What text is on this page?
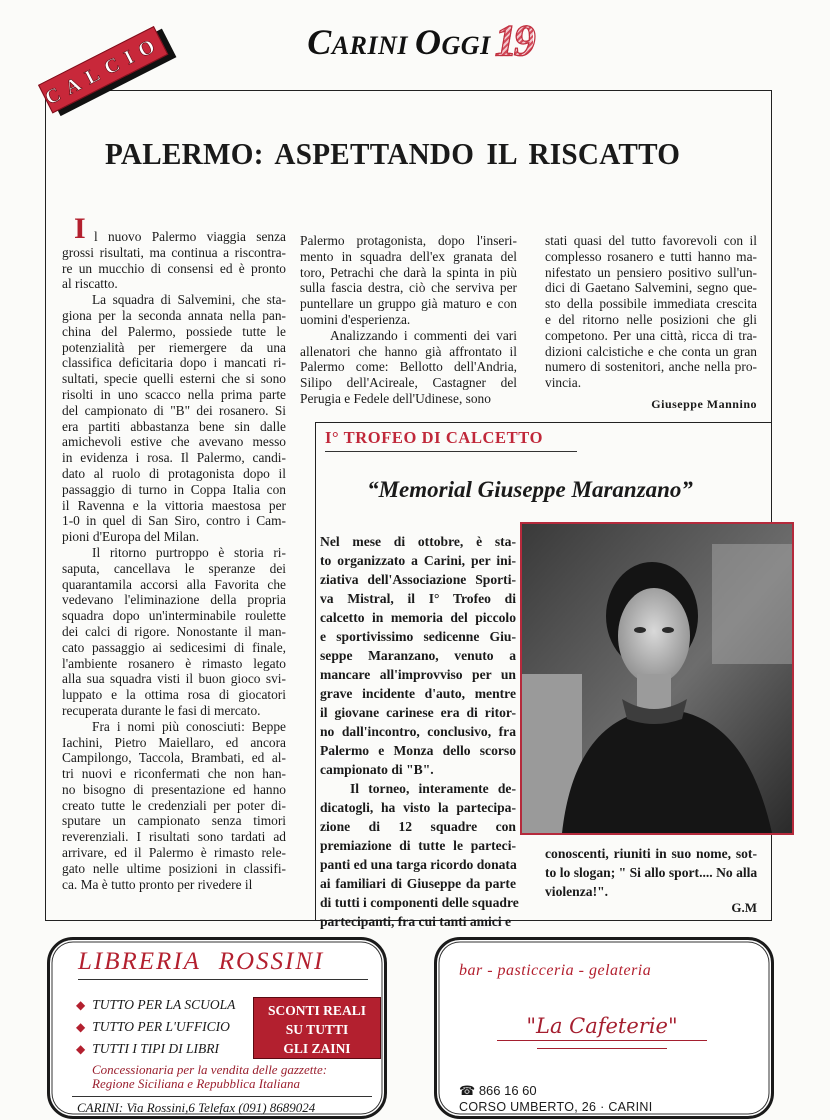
CARINI OGGI 19
CALCIO
PALERMO: ASPETTANDO IL RISCATTO
I l nuovo Palermo viaggia senza
grossi risultati, ma continua a riscontra-
re un mucchio di consensi ed è pronto
al riscatto.
La squadra di Salvemini, che sta-
giona per la seconda annata nella pan-
china del Palermo, possiede tutte le
potenzialità per riemergere da una
classifica deficitaria dopo i mancati ri-
sultati, specie quelli esterni che si sono
risolti in uno scacco nella prima parte
del campionato di "B" dei rosanero. Si
era partiti abbastanza bene sin dalle
amichevoli estive che avevano messo
in evidenza i rosa. Il Palermo, candi-
dato al ruolo di protagonista dopo il
passaggio di turno in Coppa Italia con
il Ravenna e la vittoria maestosa per
1-0 in quel di San Siro, contro i Cam-
pioni d'Europa del Milan.
Il ritorno purtroppo è storia ri-
saputa, cancellava le speranze dei
quarantamila accorsi alla Favorita che
vedevano l'eliminazione della propria
squadra dopo un'interminabile roulette
dei calci di rigore. Nonostante il man-
cato passaggio ai sedicesimi di finale,
l'ambiente rosanero è rimasto legato
alla sua squadra visti il buon gioco svi-
luppato e la ottima rosa di giocatori
recuperata durante le fasi di mercato.
Fra i nomi più conosciuti: Beppe
Iachini, Pietro Maiellaro, ed ancora
Campilongo, Taccola, Brambati, ed al-
tri nuovi e riconfermati che non han-
no bisogno di presentazione ed hanno
creato tutte le credenziali per poter di-
sputare un campionato senza timori
reverenziali. I risultati sono tardati ad
arrivare, ed il Palermo è rimasto rele-
gato nelle ultime posizioni in classifi-
ca. Ma è tutto pronto per rivedere il
Palermo protagonista, dopo l'inseri-
mento in squadra dell'ex granata del
toro, Petrachi che darà la spinta in più
sulla fascia destra, ciò che serviva per
puntellare un gruppo già maturo e con
uomini d'esperienza.
Analizzando i commenti dei vari
allenatori che hanno già affrontato il
Palermo come: Bellotto dell'Andria,
Silipo dell'Acireale, Castagner del
Perugia e Fedele dell'Udinese, sono
stati quasi del tutto favorevoli con il
complesso rosanero e tutti hanno ma-
nifestato un pensiero positivo sull'un-
dici di Gaetano Salvemini, segno que-
sto della possibile immediata crescita
e del ritorno nelle posizioni che gli
competono. Per una città, ricca di tra-
dizioni calcistiche e che conta un gran
numero di sostenitori, anche nella pro-
vincia.
Giuseppe Mannino
I° TROFEO DI CALCETTO
“Memorial Giuseppe Maranzano”
Nel mese di ottobre, è sta-
to organizzato a Carini, per ini-
ziativa dell'Associazione Sporti-
va Mistral, il I° Trofeo di
calcetto in memoria del piccolo
e sportivissimo sedicenne Giu-
seppe Maranzano, venuto a
mancare all'improvviso per un
grave incidente d'auto, mentre
il giovane carinese era di ritor-
no dall'incontro, conclusivo, fra
Palermo e Monza dello scorso
campionato di "B".
Il torneo, interamente de-
dicatogli, ha visto la partecipa-
zione di 12 squadre con
premiazione di tutte le parteci-
panti ed una targa ricordo donata
ai familiari di Giuseppe da parte
di tutti i componenti delle squadre
partecipanti, fra cui tanti amici e
conoscenti, riuniti in suo nome, sot-
to lo slogan; " Si allo sport.... No alla
violenza!".
G.M
LIBRERIA ROSSINI
◆ TUTTO PER LA SCUOLA
◆ TUTTO PER L'UFFICIO
◆ TUTTI I TIPI DI LIBRI
SCONTI REALI
SU TUTTI
GLI ZAINI
Concessionaria per la vendita delle gazzette:
Regione Siciliana e Repubblica Italiana
CARINI: Via Rossini,6 Telefax (091) 8689024
bar - pasticceria - gelateria
"La Cafeterie"
☎ 866 16 60
CORSO UMBERTO, 26 · CARINI
